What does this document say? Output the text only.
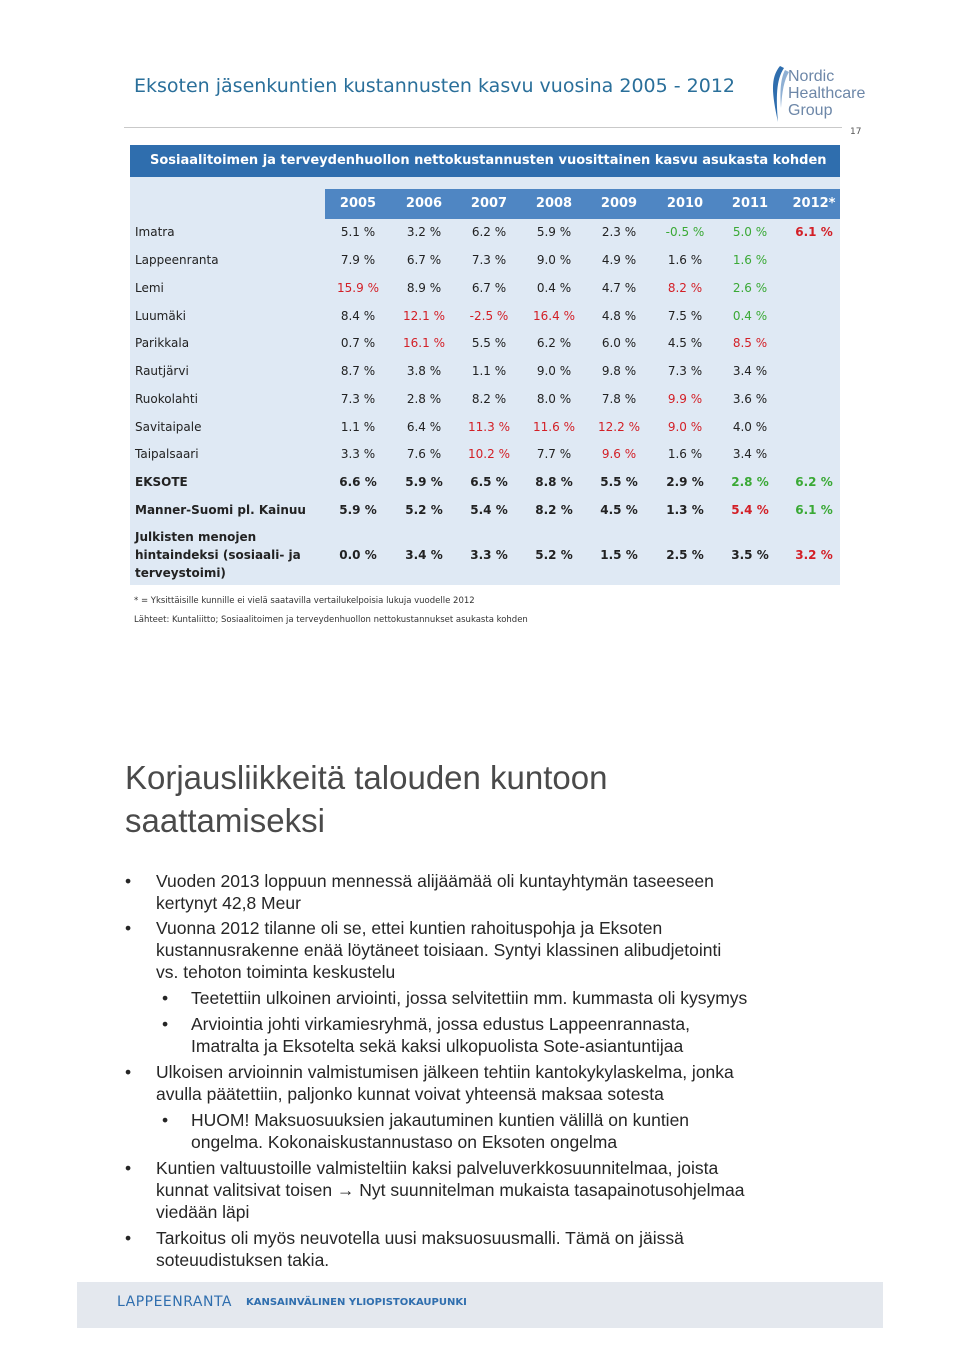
Eksoten jäsenkuntien kustannusten kasvu vuosina 2005 - 2012	Nordic
Healthcare
Group
17
Sosiaalitoimen ja terveydenhuollon nettokustannusten vuosittainen kasvu asukasta kohden
* = Yksittäisille kunnille ei vielä saatavilla vertailukelpoisia lukuja vuodelle 2012
Lähteet: Kuntaliitto; Sosiaalitoimen ja terveydenhuollon nettokustannukset asukasta kohden
2005	2006	2007	2008	2009	2010	2011	2012*
Imatra	5.1 %	3.2 %	6.2 %	5.9 %	2.3 %	-0.5 %	5.0 %	6.1 %
Lappeenranta	7.9 %	6.7 %	7.3 %	9.0 %	4.9 %	1.6 %	1.6 %
Lemi	15.9 %	8.9 %	6.7 %	0.4 %	4.7 %	8.2 %	2.6 %
Luumäki	8.4 %	12.1 %	-2.5 %	16.4 %	4.8 %	7.5 %	0.4 %
Parikkala	0.7 %	16.1 %	5.5 %	6.2 %	6.0 %	4.5 %	8.5 %
Rautjärvi	8.7 %	3.8 %	1.1 %	9.0 %	9.8 %	7.3 %	3.4 %
Ruokolahti	7.3 %	2.8 %	8.2 %	8.0 %	7.8 %	9.9 %	3.6 %
Savitaipale	1.1 %	6.4 %	11.3 %	11.6 %	12.2 %	9.0 %	4.0 %
Taipalsaari	3.3 %	7.6 %	10.2 %	7.7 %	9.6 %	1.6 %	3.4 %
EKSOTE	6.6 %	5.9 %	6.5 %	8.8 %	5.5 %	2.9 %	2.8 %	6.2 %
Manner-Suomi pl. Kainuu	5.9 %	5.2 %	5.4 %	8.2 %	4.5 %	1.3 %	5.4 %	6.1 %
Julkisten menojen
hintaindeksi (sosiaali- ja
terveystoimi)
0.0 %	3.4 %	3.3 %	5.2 %	1.5 %	2.5 %	3.5 %	3.2 %
Korjausliikkeitä talouden kuntoon
saattamiseksi
• Vuoden 2013 loppuun mennessä alijäämää oli kuntayhtymän taseeseen
kertynyt 42,8 Meur
• Vuonna 2012 tilanne oli se, ettei kuntien rahoituspohja ja Eksoten
kustannusrakenne enää löytäneet toisiaan. Syntyi klassinen alibudjetointi
vs. tehoton toiminta keskustelu
• Teetettiin ulkoinen arviointi, jossa selvitettiin mm. kummasta oli kysymys
• Arviointia johti virkamiesryhmä, jossa edustus Lappeenrannasta,
Imatralta ja Eksotelta sekä kaksi ulkopuolista Sote-asiantuntijaa
• Ulkoisen arvioinnin valmistumisen jälkeen tehtiin kantokykylaskelma, jonka
avulla päätettiin, paljonko kunnat voivat yhteensä maksaa sotesta
• HUOM! Maksuosuuksien jakautuminen kuntien välillä on kuntien
ongelma. Kokonaiskustannustaso on Eksoten ongelma
• Kuntien valtuustoille valmisteltiin kaksi palveluverkkosuunnitelmaa, joista
kunnat valitsivat toisen → Nyt suunnitelman mukaista tasapainotusohjelmaa
viedään läpi
• Tarkoitus oli myös neuvotella uusi maksuosuusmalli. Tämä on jäissä
soteuudistuksen takia.
LAPPEENRANTA KANSAINVÄLINEN YLIOPISTOKAUPUNKI
